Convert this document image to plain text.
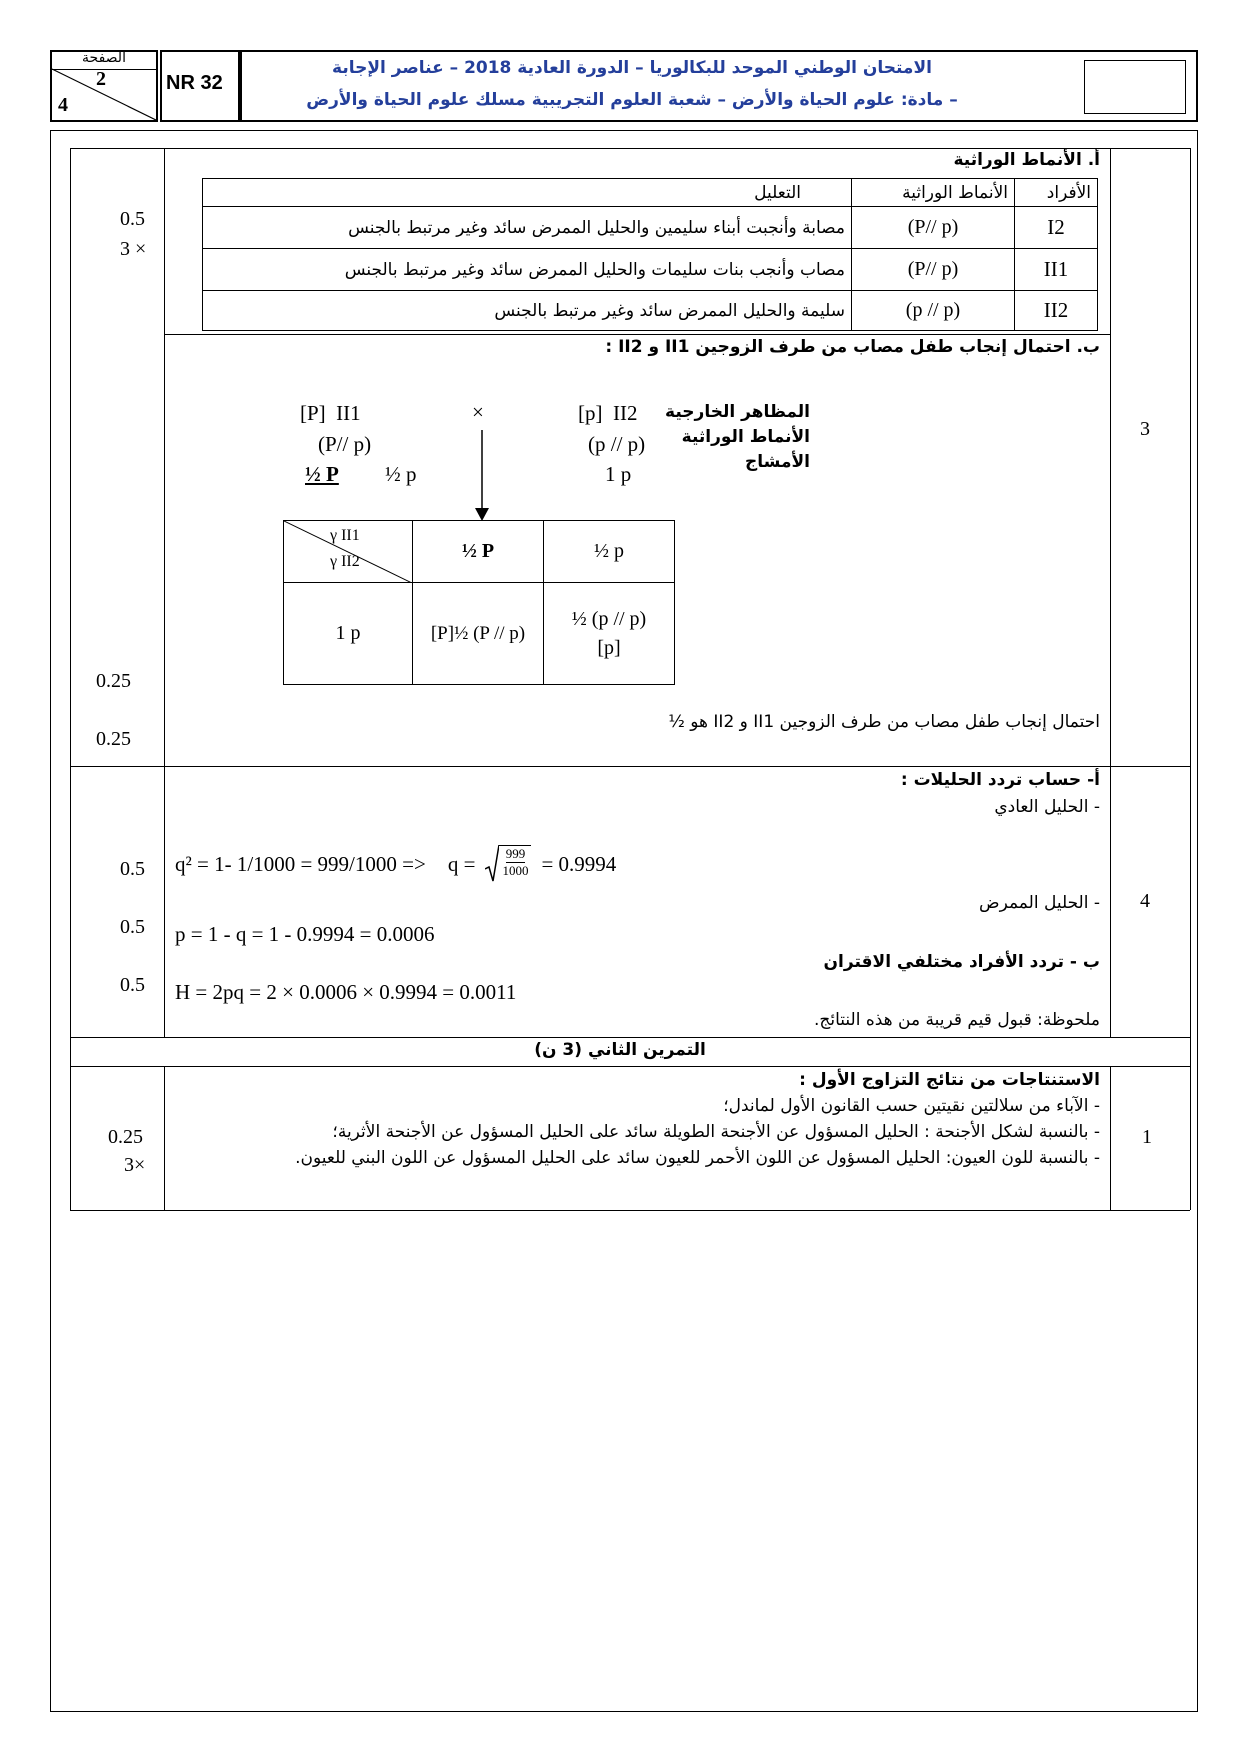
الصفحة
2
4
NR 32
الامتحان الوطني الموحد للبكالوريا – الدورة العادية 2018 – عناصر الإجابة
– مادة: علوم الحياة والأرض – شعبة العلوم التجريبية مسلك علوم الحياة والأرض
3
أ. الأنماط الوراثية
0.5
3 ×
الأفراد	الأنماط الوراثية	التعليل
I2	(P// p)	مصابة وأنجبت أبناء سليمين والحليل الممرض سائد وغير مرتبط بالجنس
II1	(P// p)	مصاب وأنجب بنات سليمات والحليل الممرض سائد وغير مرتبط بالجنس
II2	(p // p)	سليمة والحليل الممرض سائد وغير مرتبط بالجنس
ب. احتمال إنجاب طفل مصاب من طرف الزوجين II1 و II2 :
المظاهر الخارجية
الأنماط الوراثية
الأمشاج
[p] II2
(p // p)
1 p
×
[P] II1
(P// p)
½ P ½ p
γ II1
γ II2	½ P	½ p
1 p	[P]½ (P // p)	½ (p // p)
[p]
احتمال إنجاب طفل مصاب من طرف الزوجين II1 و II2 هو ½
0.25
0.25
4
أ- حساب تردد الحليلات :
- الحليل العادي
q² = 1- $1/1000 = 999/1000 => q = \frac{999}{1000} = 0.9994$
- الحليل الممرض
p = 1 - q = 1 - 0.9994 = 0.0006
ب - تردد الأفراد مختلفي الاقتران
H = 2pq = 2 × 0.0006 × 0.9994 = 0.0011
ملحوظة: قبول قيم قريبة من هذه النتائج.
0.5
0.5
0.5
التمرين الثاني (3 ن)
1
الاستنتاجات من نتائج التزاوج الأول :
- الآباء من سلالتين نقيتين حسب القانون الأول لماندل؛
- بالنسبة لشكل الأجنحة : الحليل المسؤول عن الأجنحة الطويلة سائد على الحليل المسؤول عن الأجنحة الأثرية؛
- بالنسبة للون العيون: الحليل المسؤول عن اللون الأحمر للعيون سائد على الحليل المسؤول عن اللون البني للعيون.
0.25
3×
